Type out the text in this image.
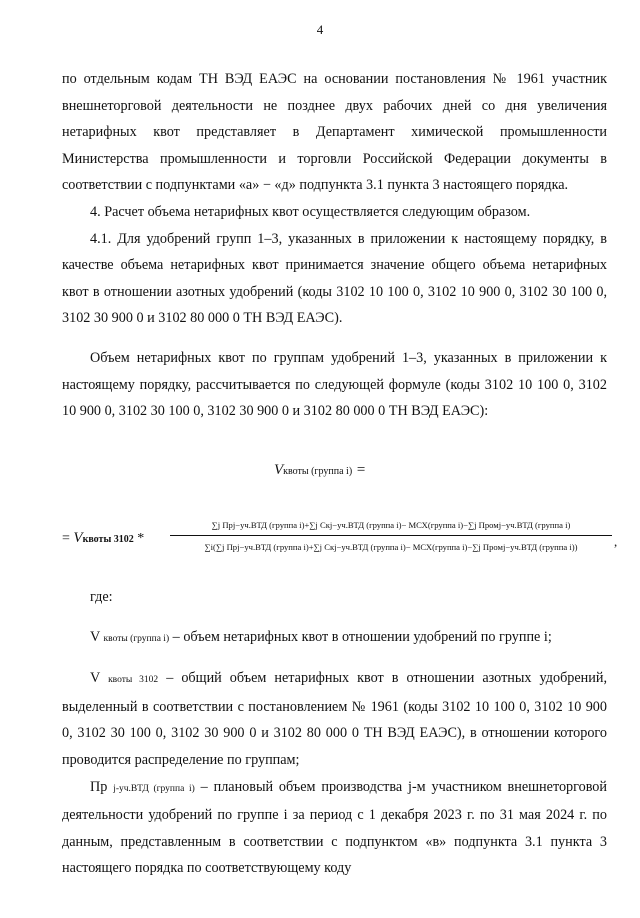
4

по отдельным кодам ТН ВЭД ЕАЭС на основании постановления № 1961 участник внешнеторговой деятельности не позднее двух рабочих дней со дня увеличения нетарифных квот представляет в Департамент химической промышленности Министерства промышленности и торговли Российской Федерации документы в соответствии с подпунктами «а» − «д» подпункта 3.1 пункта 3 настоящего порядка.

4. Расчет объема нетарифных квот осуществляется следующим образом.

4.1. Для удобрений групп 1–3, указанных в приложении к настоящему порядку, в качестве объема нетарифных квот принимается значение общего объема нетарифных квот в отношении азотных удобрений (коды 3102 10 100 0, 3102 10 900 0, 3102 30 100 0, 3102 30 900 0 и 3102 80 000 0 ТН ВЭД ЕАЭС).

Объем нетарифных квот по группам удобрений 1–3, указанных в приложении к настоящему порядку, рассчитывается по следующей формуле (коды 3102 10 100 0, 3102 10 900 0, 3102 30 100 0, 3102 30 900 0 и 3102 80 000 0 ТН ВЭД ЕАЭС):

Vквоты (группа i) =
= Vквоты 3102 *
∑j Прj−уч.ВТД (группа i)+∑j Скj−уч.ВТД (группа i)− МСХ(группа i)−∑j Промj−уч.ВТД (группа i)
∑i(∑j Прj−уч.ВТД (группа i)+∑j Скj−уч.ВТД (группа i)− МСХ(группа i)−∑j Промj−уч.ВТД (группа i))	,

где:

V квоты (группа i) – объем нетарифных квот в отношении удобрений по группе i;

V квоты 3102 – общий объем нетарифных квот в отношении азотных удобрений, выделенный в соответствии с постановлением № 1961 (коды 3102 10 100 0, 3102 10 900 0, 3102 30 100 0, 3102 30 900 0 и 3102 80 000 0 ТН ВЭД ЕАЭС), в отношении которого проводится распределение по группам;

Пр j-уч.ВТД (группа i) – плановый объем производства j-м участником внешнеторговой деятельности удобрений по группе i за период с 1 декабря 2023 г. по 31 мая 2024 г. по данным, представленным в соответствии с подпунктом «в» подпункта 3.1 пункта 3 настоящего порядка по соответствующему коду
